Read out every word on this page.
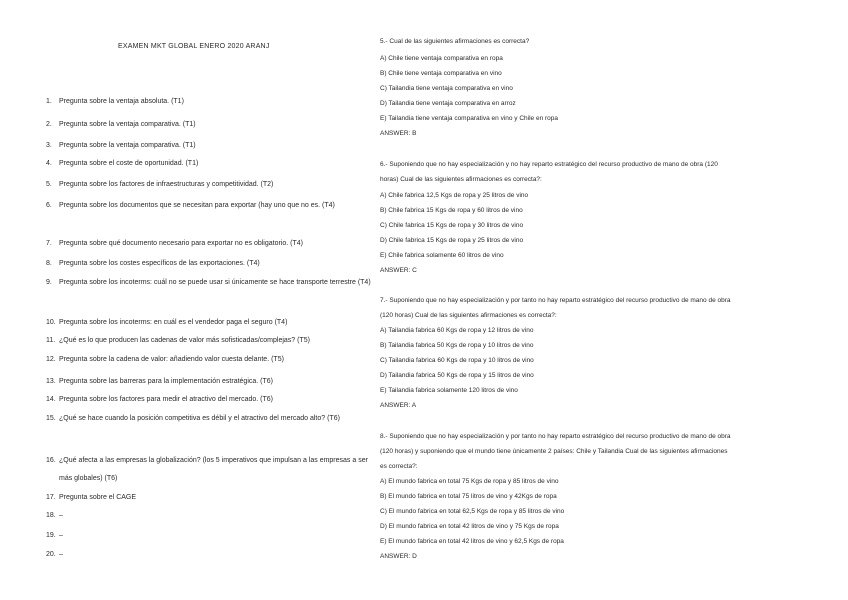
EXAMEN MKT GLOBAL ENERO 2020 ARANJ
1.	Pregunta sobre la ventaja absoluta. (T1)
2.	Pregunta sobre la ventaja comparativa. (T1)
3.	Pregunta sobre la ventaja comparativa. (T1)
4.	Pregunta sobre el coste de oportunidad. (T1)
5.	Pregunta sobre los factores de infraestructuras y competitividad. (T2)
6.	Pregunta sobre los documentos que se necesitan para exportar (hay uno que no es. (T4)
7.	Pregunta sobre qué documento necesario para exportar no es obligatorio. (T4)
8.	Pregunta sobre los costes específicos de las exportaciones. (T4)
9.	Pregunta sobre los incoterms: cuál no se puede usar si únicamente se hace transporte terrestre (T4)
10. Pregunta sobre los incoterms: en cuál es el vendedor paga el seguro (T4)
11. ¿Qué es lo que producen las cadenas de valor más sofisticadas/complejas? (T5)
12. Pregunta sobre la cadena de valor: añadiendo valor cuesta delante. (T5)
13. Pregunta sobre las barreras para la implementación estratégica. (T6)
14. Pregunta sobre los factores para medir el atractivo del mercado. (T6)
15. ¿Qué se hace cuando la posición competitiva es débil y el atractivo del mercado alto? (T6)
16. ¿Qué afecta a las empresas la globalización? (los 5 imperativos que impulsan a las empresas a ser más globales) (T6)
17. Pregunta sobre el CAGE
18. –
19. –
20. –
5.- Cual de las siguientes afirmaciones es correcta?
A) Chile tiene ventaja comparativa en ropa
B) Chile tiene ventaja comparativa en vino
C) Tailandia tiene ventaja comparativa en vino
D) Tailandia tiene ventaja comparativa en arroz
E) Tailandia tiene ventaja comparativa en vino y Chile en ropa
ANSWER: B
6.- Suponiendo que no hay especialización y no hay reparto estratégico del recurso productivo de mano de obra (120
horas) Cual de las siguientes afirmaciones es correcta?:
A) Chile fabrica 12,5 Kgs de ropa y 25 litros de vino
B) Chile fabrica 15 Kgs de ropa y 60 litros de vino
C) Chile fabrica 15 Kgs de ropa y 30 litros de vino
D) Chile fabrica 15 Kgs de ropa y 25 litros de vino
E) Chile fabrica solamente 60 litros de vino
ANSWER: C
7.- Suponiendo que no hay especialización y por tanto no hay reparto estratégico del recurso productivo de mano de obra
(120 horas) Cual de las siguientes afirmaciones es correcta?:
A) Tailandia fabrica 60 Kgs de ropa y 12 litros de vino
B) Tailandia fabrica 50 Kgs de ropa y 10 litros de vino
C) Tailandia fabrica 60 Kgs de ropa y 10 litros de vino
D) Tailandia fabrica 50 Kgs de ropa y 15 litros de vino
E) Tailandia fabrica solamente 120 litros de vino
ANSWER: A
8.- Suponiendo que no hay especialización y por tanto no hay reparto estratégico del recurso productivo de mano de obra
(120 horas) y suponiendo que el mundo tiene únicamente 2 países: Chile y Tailandia Cual de las siguientes afirmaciones
es correcta?:
A) El mundo fabrica en total 75 Kgs de ropa y 85 litros de vino
B) El mundo fabrica en total 75 litros de vino y 42Kgs de ropa
C) El mundo fabrica en total 62,5 Kgs de ropa y 85 litros de vino
D) El mundo fabrica en total 42 litros de vino y 75 Kgs de ropa
E) El mundo fabrica en total 42 litros de vino y 62,5 Kgs de ropa
ANSWER: D
